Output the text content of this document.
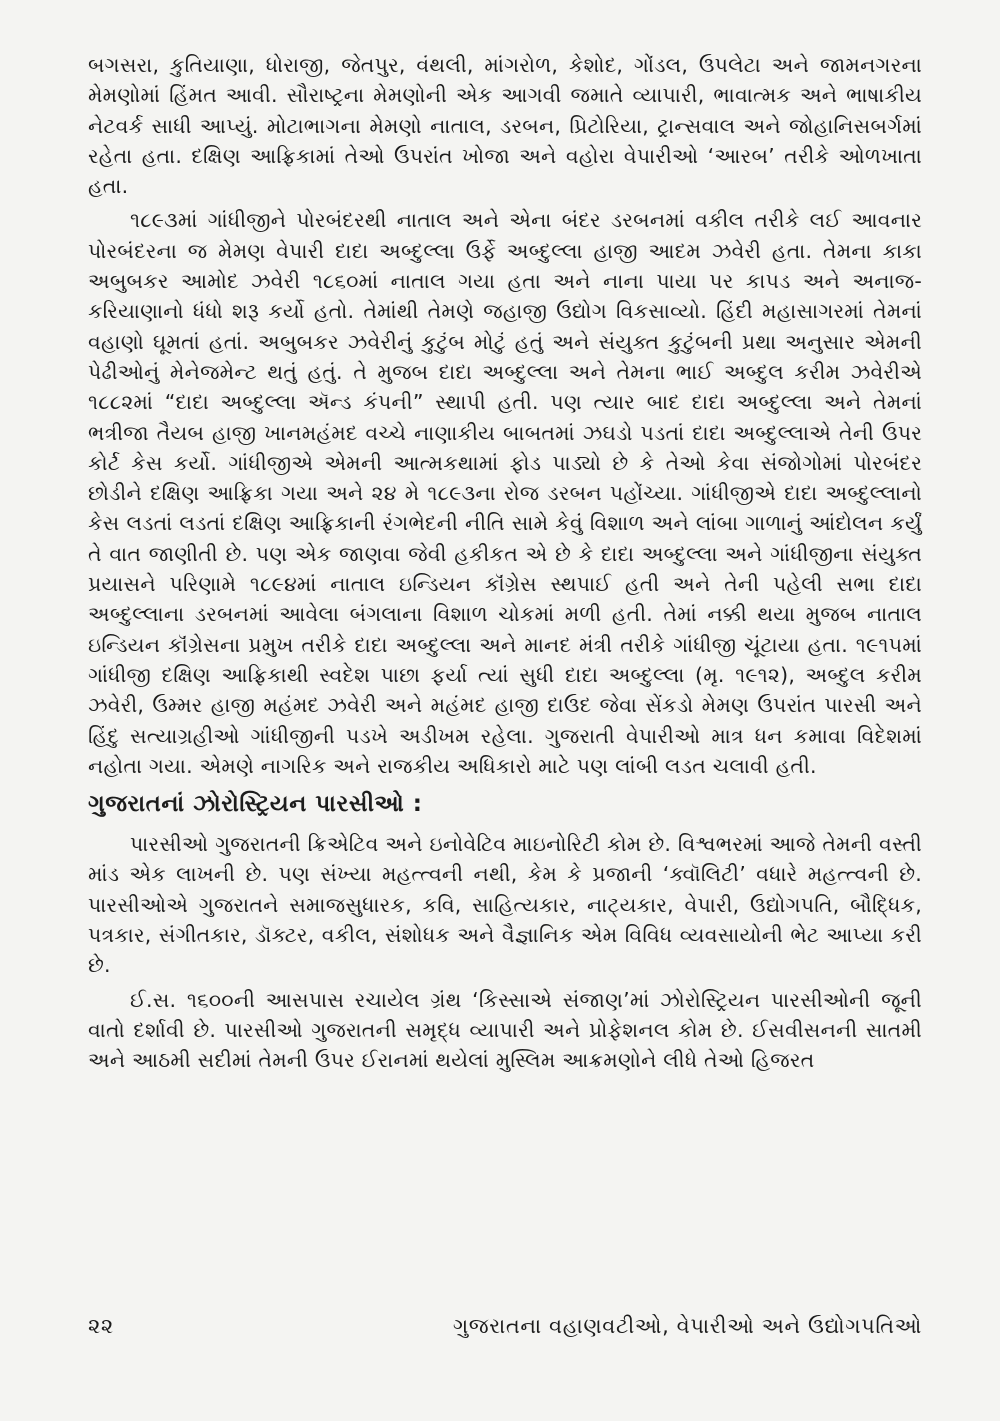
બગસરા, કુતિયાણા, ધોરાજી, જેતપુર, વંથલી, માંગરોળ, કેશોદ, ગોંડલ, ઉપલેટા અને જામનગરના મેમણોમાં હિંમત આવી. સૌરાષ્ટ્રના મેમણોની એક આગવી જમાતે વ્યાપારી, ભાવાત્મક અને ભાષાકીય નેટવર્ક સાધી આપ્યું. મોટાભાગના મેમણો નાતાલ, ડરબન, પ્રિટોરિયા, ટ્રાન્સવાલ અને જોહાનિસબર્ગમાં રહેતા હતા. દક્ષિણ આફ્રિકામાં તેઓ ઉપરાંત ખોજા અને વહોરા વેપારીઓ ‘આરબ’ તરીકે ઓળખાતા હતા.

૧૮૯૩માં ગાંધીજીને પોરબંદરથી નાતાલ અને એના બંદર ડરબનમાં વકીલ તરીકે લઈ આવનાર પોરબંદરના જ મેમણ વેપારી દાદા અબ્દુલ્લા ઉર્ફે અબ્દુલ્લા હાજી આદમ ઝવેરી હતા. તેમના કાકા અબુબકર આમોદ ઝવેરી ૧૮૬૦માં નાતાલ ગયા હતા અને નાના પાયા પર કાપડ અને અનાજ-કરિયાણાનો ધંધો શરૂ કર્યો હતો. તેમાંથી તેમણે જહાજી ઉદ્યોગ વિકસાવ્યો. હિંદી મહાસાગરમાં તેમનાં વહાણો ઘૂમતાં હતાં. અબુબકર ઝવેરીનું કુટુંબ મોટું હતું અને સંયુક્ત કુટુંબની પ્રથા અનુસાર એમની પેઢીઓનું મેનેજમેન્ટ થતું હતું. તે મુજબ દાદા અબ્દુલ્લા અને તેમના ભાઈ અબ્દુલ કરીમ ઝવેરીએ ૧૮૮૨માં “દાદા અબ્દુલ્લા ઍન્ડ કંપની” સ્થાપી હતી. પણ ત્યાર બાદ દાદા અબ્દુલ્લા અને તેમનાં ભત્રીજા તૈયબ હાજી ખાનમહંમદ વચ્ચે નાણાકીય બાબતમાં ઝઘડો પડતાં દાદા અબ્દુલ્લાએ તેની ઉપર કોર્ટ કેસ કર્યો. ગાંધીજીએ એમની આત્મકથામાં ફોડ પાડ્યો છે કે તેઓ કેવા સંજોગોમાં પોરબંદર છોડીને દક્ષિણ આફ્રિકા ગયા અને ૨૪ મે ૧૮૯૩ના રોજ ડરબન પહોંચ્યા. ગાંધીજીએ દાદા અબ્દુલ્લાનો કેસ લડતાં લડતાં દક્ષિણ આફ્રિકાની રંગભેદની નીતિ સામે કેવું વિશાળ અને લાંબા ગાળાનું આંદોલન કર્યું તે વાત જાણીતી છે. પણ એક જાણવા જેવી હકીકત એ છે કે દાદા અબ્દુલ્લા અને ગાંધીજીના સંયુક્ત પ્રયાસને પરિણામે ૧૮૯૪માં નાતાલ ઇન્ડિયન કૉંગ્રેસ સ્થપાઈ હતી અને તેની પહેલી સભા દાદા અબ્દુલ્લાના ડરબનમાં આવેલા બંગલાના વિશાળ ચોકમાં મળી હતી. તેમાં નક્કી થયા મુજબ નાતાલ ઇન્ડિયન કૉંગ્રેસના પ્રમુખ તરીકે દાદા અબ્દુલ્લા અને માનદ મંત્રી તરીકે ગાંધીજી ચૂંટાયા હતા. ૧૯૧૫માં ગાંધીજી દક્ષિણ આફ્રિકાથી સ્વદેશ પાછા ફર્યા ત્યાં સુધી દાદા અબ્દુલ્લા (મૃ. ૧૯૧૨), અબ્દુલ કરીમ ઝવેરી, ઉમ્મર હાજી મહંમદ ઝવેરી અને મહંમદ હાજી દાઉદ જેવા સેંકડો મેમણ ઉપરાંત પારસી અને હિંદુ સત્યાગ્રહીઓ ગાંધીજીની પડખે અડીખમ રહેલા. ગુજરાતી વેપારીઓ માત્ર ધન કમાવા વિદેશમાં નહોતા ગયા. એમણે નાગરિક અને રાજકીય અધિકારો માટે પણ લાંબી લડત ચલાવી હતી.

ગુજરાતનાં ઝોરોસ્ટ્રિયન પારસીઓ :

પારસીઓ ગુજરાતની ક્રિએટિવ અને ઇનોવેટિવ માઇનોરિટી કોમ છે. વિશ્વભરમાં આજે તેમની વસ્તી માંડ એક લાખની છે. પણ સંખ્યા મહત્ત્વની નથી, કેમ કે પ્રજાની ‘ક્વૉલિટી’ વધારે મહત્ત્વની છે. પારસીઓએ ગુજરાતને સમાજસુધારક, કવિ, સાહિત્યકાર, નાટ્યકાર, વેપારી, ઉદ્યોગપતિ, બૌદ્ધિક, પત્રકાર, સંગીતકાર, ડૉક્ટર, વકીલ, સંશોધક અને વૈજ્ઞાનિક એમ વિવિધ વ્યવસાયોની ભેટ આપ્યા કરી છે.

ઈ.સ. ૧૬૦૦ની આસપાસ રચાયેલ ગ્રંથ ‘કિસ્સાએ સંજાણ’માં ઝોરોસ્ટ્રિયન પારસીઓની જૂની વાતો દર્શાવી છે. પારસીઓ ગુજરાતની સમૃદ્ધ વ્યાપારી અને પ્રોફેશનલ કોમ છે. ઈસવીસનની સાતમી અને આઠમી સદીમાં તેમની ઉપર ઈરાનમાં થયેલાં મુસ્લિમ આક્રમણોને લીધે તેઓ હિજરત

૨૨	ગુજરાતના વહાણવટીઓ, વેપારીઓ અને ઉદ્યોગપતિઓ
